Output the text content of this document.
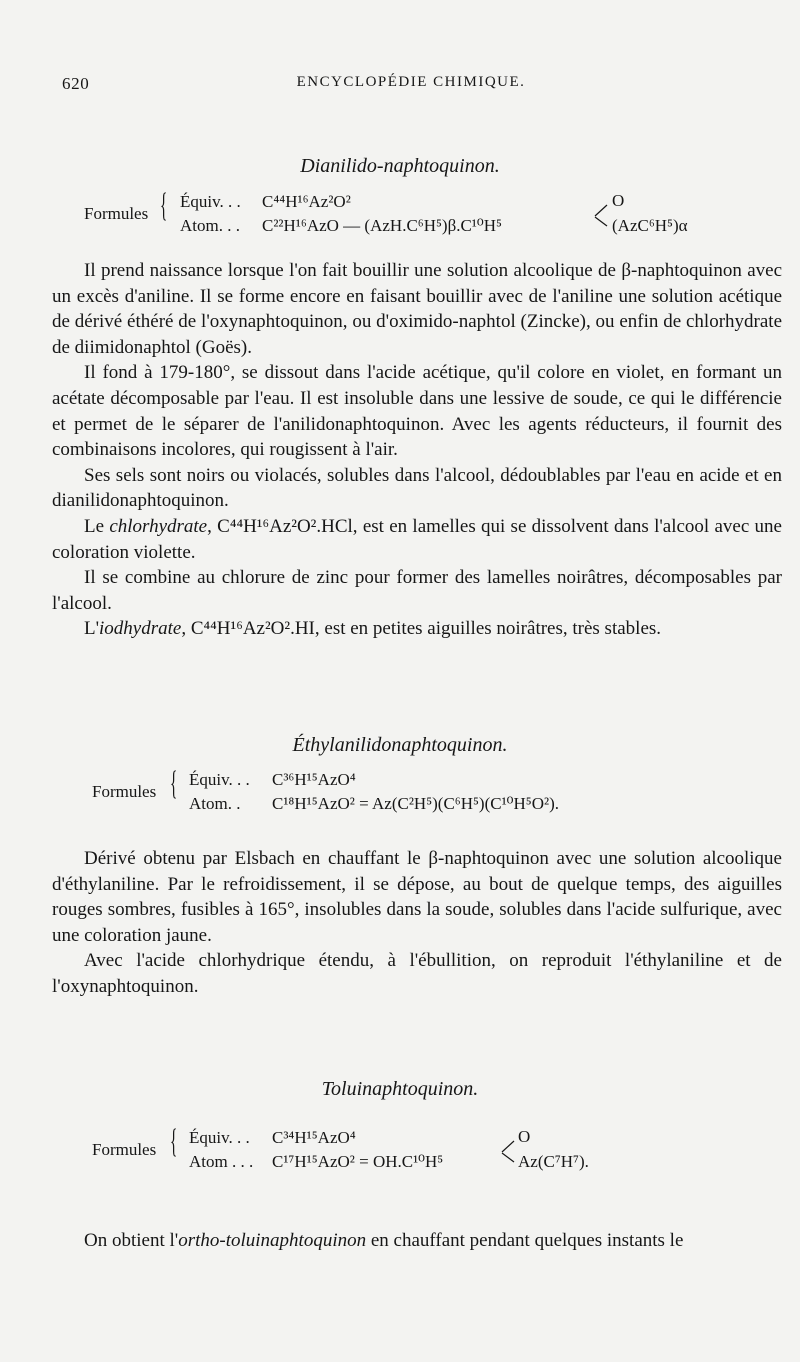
620	ENCYCLOPÉDIE CHIMIQUE.
Dianilido-naphtoquinon.
Formules { Équiv. . . C⁴⁴H¹⁶Az²O²
Atom. . . C²²H¹⁶AzO — (AzH.C⁶H⁵)β.C¹⁰H⁵
O
(AzC⁶H⁵)α

Il prend naissance lorsque l'on fait bouillir une solution alcoolique de β-naphtoquinon avec un excès d'aniline. Il se forme encore en faisant bouillir avec de l'aniline une solution acétique de dérivé éthéré de l'oxynaphtoquinon, ou d'oximido-naphtol (Zincke), ou enfin de chlorhydrate de diimidonaphtol (Goës).

Il fond à 179-180°, se dissout dans l'acide acétique, qu'il colore en violet, en formant un acétate décomposable par l'eau. Il est insoluble dans une lessive de soude, ce qui le différencie et permet de le séparer de l'anilidonaphtoquinon. Avec les agents réducteurs, il fournit des combinaisons incolores, qui rougissent à l'air.

Ses sels sont noirs ou violacés, solubles dans l'alcool, dédoublables par l'eau en acide et en dianilidonaphtoquinon.

Le chlorhydrate, C⁴⁴H¹⁶Az²O².HCl, est en lamelles qui se dissolvent dans l'alcool avec une coloration violette.

Il se combine au chlorure de zinc pour former des lamelles noirâtres, décomposables par l'alcool.

L'iodhydrate, C⁴⁴H¹⁶Az²O².HI, est en petites aiguilles noirâtres, très stables.

Éthylanilidonaphtoquinon.
Formules { Équiv. . . C³⁶H¹⁵AzO⁴
Atom. . C¹⁸H¹⁵AzO² = Az(C²H⁵)(C⁶H⁵)(C¹⁰H⁵O²).

Dérivé obtenu par Elsbach en chauffant le β-naphtoquinon avec une solution alcoolique d'éthylaniline. Par le refroidissement, il se dépose, au bout de quelque temps, des aiguilles rouges sombres, fusibles à 165°, insolubles dans la soude, solubles dans l'acide sulfurique, avec une coloration jaune.

Avec l'acide chlorhydrique étendu, à l'ébullition, on reproduit l'éthylaniline et de l'oxynaphtoquinon.

Toluinaphtoquinon.
Formules { Équiv. . . C³⁴H¹⁵AzO⁴
Atom . . . C¹⁷H¹⁵AzO² = OH.C¹⁰H⁵
O
Az(C⁷H⁷).

On obtient l'ortho-toluinaphtoquinon en chauffant pendant quelques instants le
